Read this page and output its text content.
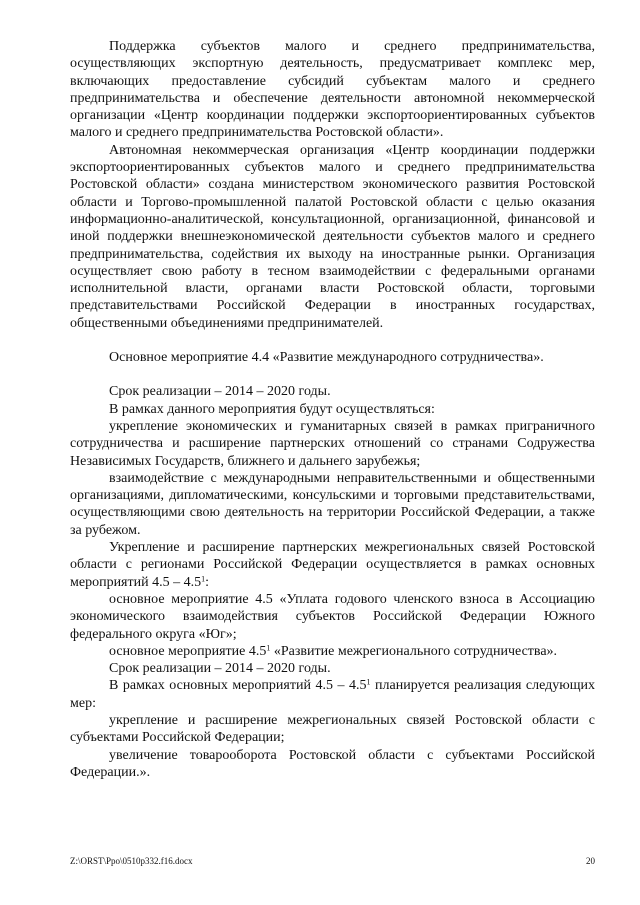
Поддержка субъектов малого и среднего предпринимательства, осуществляющих экспортную деятельность, предусматривает комплекс мер, включающих предоставление субсидий субъектам малого и среднего предпринимательства и обеспечение деятельности автономной некоммерческой организации «Центр координации поддержки экспортоориентированных субъектов малого и среднего предпринимательства Ростовской области».

Автономная некоммерческая организация «Центр координации поддержки экспортоориентированных субъектов малого и среднего предпринимательства Ростовской области» создана министерством экономического развития Ростовской области и Торгово-промышленной палатой Ростовской области с целью оказания информационно-аналитической, консультационной, организационной, финансовой и иной поддержки внешнеэкономической деятельности субъектов малого и среднего предпринимательства, содействия их выходу на иностранные рынки. Организация осуществляет свою работу в тесном взаимодействии с федеральными органами исполнительной власти, органами власти Ростовской области, торговыми представительствами Российской Федерации в иностранных государствах, общественными объединениями предпринимателей.

Основное мероприятие 4.4 «Развитие международного сотрудничества».

Срок реализации – 2014 – 2020 годы.

В рамках данного мероприятия будут осуществляться:

укрепление экономических и гуманитарных связей в рамках приграничного сотрудничества и расширение партнерских отношений со странами Содружества Независимых Государств, ближнего и дальнего зарубежья;

взаимодействие с международными неправительственными и общественными организациями, дипломатическими, консульскими и торговыми представительствами, осуществляющими свою деятельность на территории Российской Федерации, а также за рубежом.

Укрепление и расширение партнерских межрегиональных связей Ростовской области с регионами Российской Федерации осуществляется в рамках основных мероприятий $4.5 - 4.5^1$:

основное мероприятие 4.5 «Уплата годового членского взноса в Ассоциацию экономического взаимодействия субъектов Российской Федерации Южного федерального округа «Юг»;

основное мероприятие $4.5^1$ «Развитие межрегионального сотрудничества».

Срок реализации – 2014 – 2020 годы.

В рамках основных мероприятий $4.5 - 4.5^1$ планируется реализация следующих мер:

укрепление и расширение межрегиональных связей Ростовской области с субъектами Российской Федерации;

увеличение товарооборота Ростовской области с субъектами Российской Федерации.».

Z:\ORST\Ppo\0510p332.f16.docx	20
